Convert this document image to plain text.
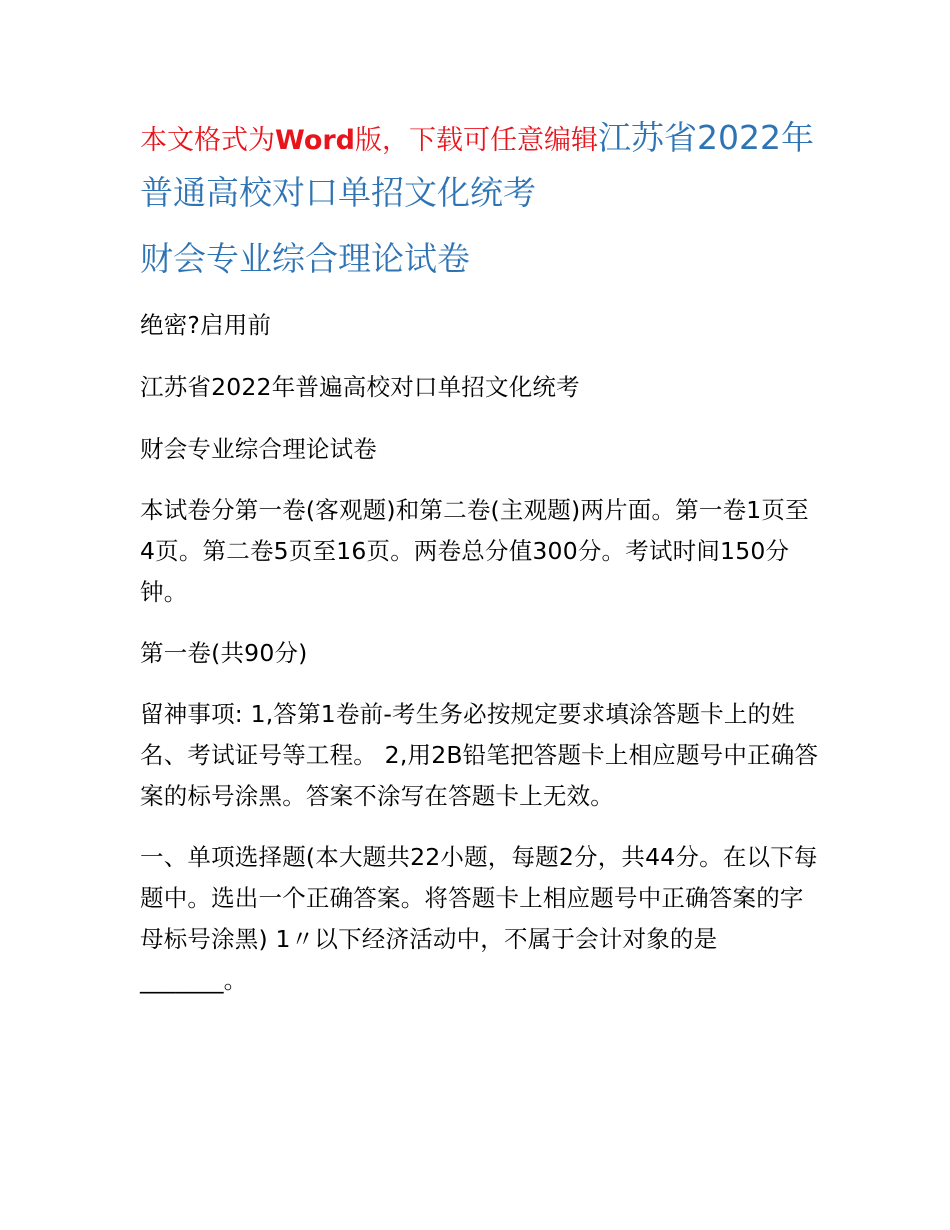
本文格式为Word版，下载可任意编辑江苏省2022年普通高校对口单招文化统考
财会专业综合理论试卷

绝密?启用前

江苏省2022年普遍高校对口单招文化统考

财会专业综合理论试卷

本试卷分第一卷(客观题)和第二卷(主观题)两片面。第一卷1页至4页。第二卷5页至16页。两卷总分值300分。考试时间150分钟。

第一卷(共90分)

留神事项: 1,答第1卷前-考生务必按规定要求填涂答题卡上的姓名、考试证号等工程。 2,用2B铅笔把答题卡上相应题号中正确答案的标号涂黑。答案不涂写在答题卡上无效。

一、单项选择题(本大题共22小题，每题2分，共44分。在以下每题中。选出一个正确答案。将答题卡上相应题号中正确答案的字母标号涂黑) 1〃以下经济活动中，不属于会计对象的是_______。
